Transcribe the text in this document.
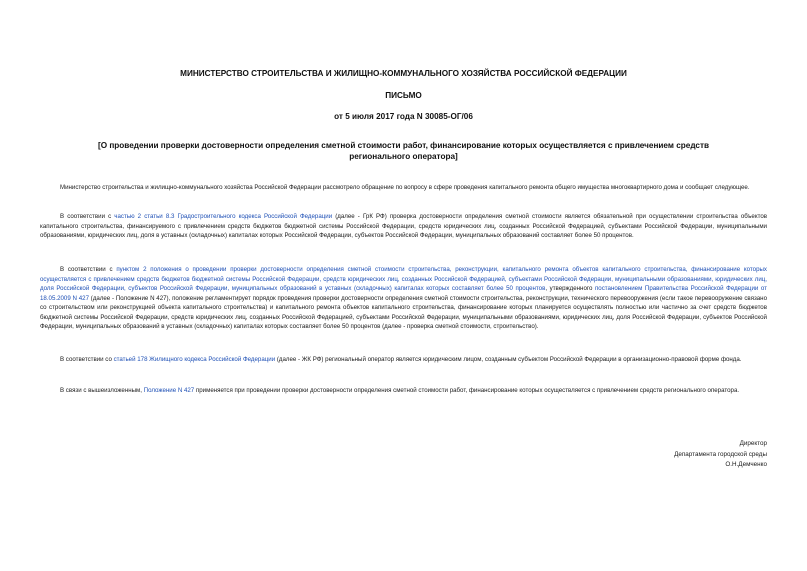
МИНИСТЕРСТВО СТРОИТЕЛЬСТВА И ЖИЛИЩНО-КОММУНАЛЬНОГО ХОЗЯЙСТВА РОССИЙСКОЙ ФЕДЕРАЦИИ
ПИСЬМО
от 5 июля 2017 года N 30085-ОГ/06
[О проведении проверки достоверности определения сметной стоимости работ, финансирование которых осуществляется с привлечением средств регионального оператора]

Министерство строительства и жилищно-коммунального хозяйства Российской Федерации рассмотрело обращение по вопросу в сфере проведения капитального ремонта общего имущества многоквартирного дома и сообщает следующее.

В соответствии с частью 2 статьи 8.3 Градостроительного кодекса Российской Федерации (далее - ГрК РФ) проверка достоверности определения сметной стоимости является обязательной при осуществлении строительства объектов капитального строительства, финансируемого с привлечением средств бюджетов бюджетной системы Российской Федерации, средств юридических лиц, созданных Российской Федерацией, субъектами Российской Федерации, муниципальными образованиями, юридических лиц, доля в уставных (складочных) капиталах которых Российской Федерации, субъектов Российской Федерации, муниципальных образований составляет более 50 процентов.

В соответствии с пунктом 2 положения о проведении проверки достоверности определения сметной стоимости строительства, реконструкции, капитального ремонта объектов капитального строительства, финансирование которых осуществляется с привлечением средств бюджетов бюджетной системы Российской Федерации, средств юридических лиц, созданных Российской Федерацией, субъектами Российской Федерации, муниципальными образованиями, юридических лиц, доля Российской Федерации, субъектов Российской Федерации, муниципальных образований в уставных (складочных) капиталах которых составляет более 50 процентов, утвержденного постановлением Правительства Российской Федерации от 18.05.2009 N 427 (далее - Положение N 427), положение регламентирует порядок проведения проверки достоверности определения сметной стоимости строительства, реконструкции, технического перевооружения (если такое перевооружение связано со строительством или реконструкцией объекта капитального строительства) и капитального ремонта объектов капитального строительства, финансирование которых планируется осуществлять полностью или частично за счет средств бюджетов бюджетной системы Российской Федерации, средств юридических лиц, созданных Российской Федерацией, субъектами Российской Федерации, муниципальными образованиями, юридических лиц, доля Российской Федерации, субъектов Российской Федерации, муниципальных образований в уставных (складочных) капиталах которых составляет более 50 процентов (далее - проверка сметной стоимости, строительство).

В соответствии со статьей 178 Жилищного кодекса Российской Федерации (далее - ЖК РФ) региональный оператор является юридическим лицом, созданным субъектом Российской Федерации в организационно-правовой форме фонда.

В связи с вышеизложенным, Положение N 427 применяется при проведении проверки достоверности определения сметной стоимости работ, финансирование которых осуществляется с привлечением средств регионального оператора.

Директор
Департамента городской среды
О.Н.Демченко
